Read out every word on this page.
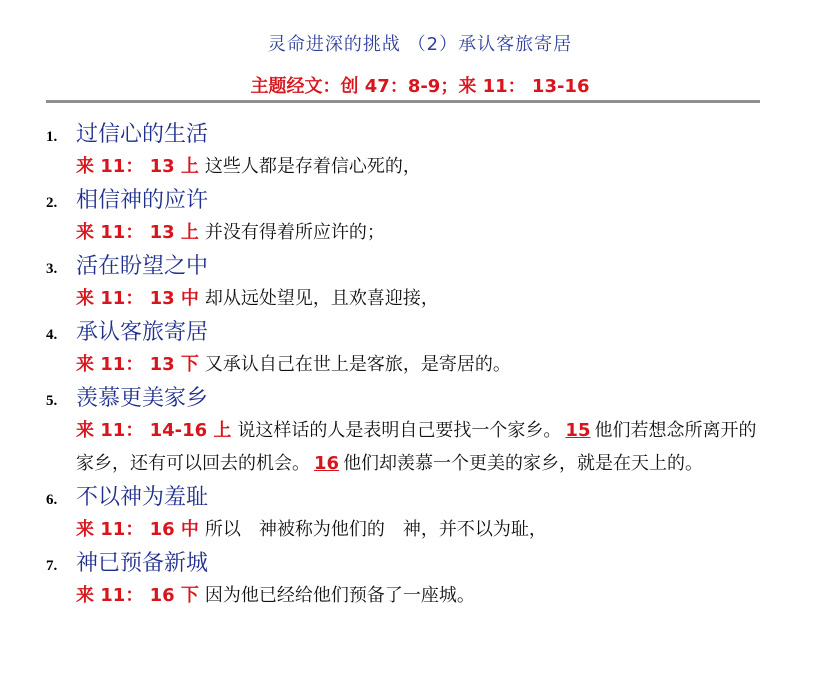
灵命进深的挑战 （2）承认客旅寄居
主题经文：创 47：8-9；来 11： 13-16
1. 过信心的生活
来 11： 13 上 这些人都是存着信心死的，
2. 相信神的应许
来 11： 13 上 并没有得着所应许的；
3. 活在盼望之中
来 11： 13 中 却从远处望见，且欢喜迎接，
4. 承认客旅寄居
来 11： 13 下 又承认自己在世上是客旅，是寄居的。
5. 羡慕更美家乡
来 11： 14-16 上 说这样话的人是表明自己要找一个家乡。 15 他们若想念所离开的家乡，还有可以回去的机会。 16 他们却羡慕一个更美的家乡，就是在天上的。
6. 不以神为羞耻
来 11： 16 中 所以　神被称为他们的　神，并不以为耻，
7. 神已预备新城
来 11： 16 下 因为他已经给他们预备了一座城。
